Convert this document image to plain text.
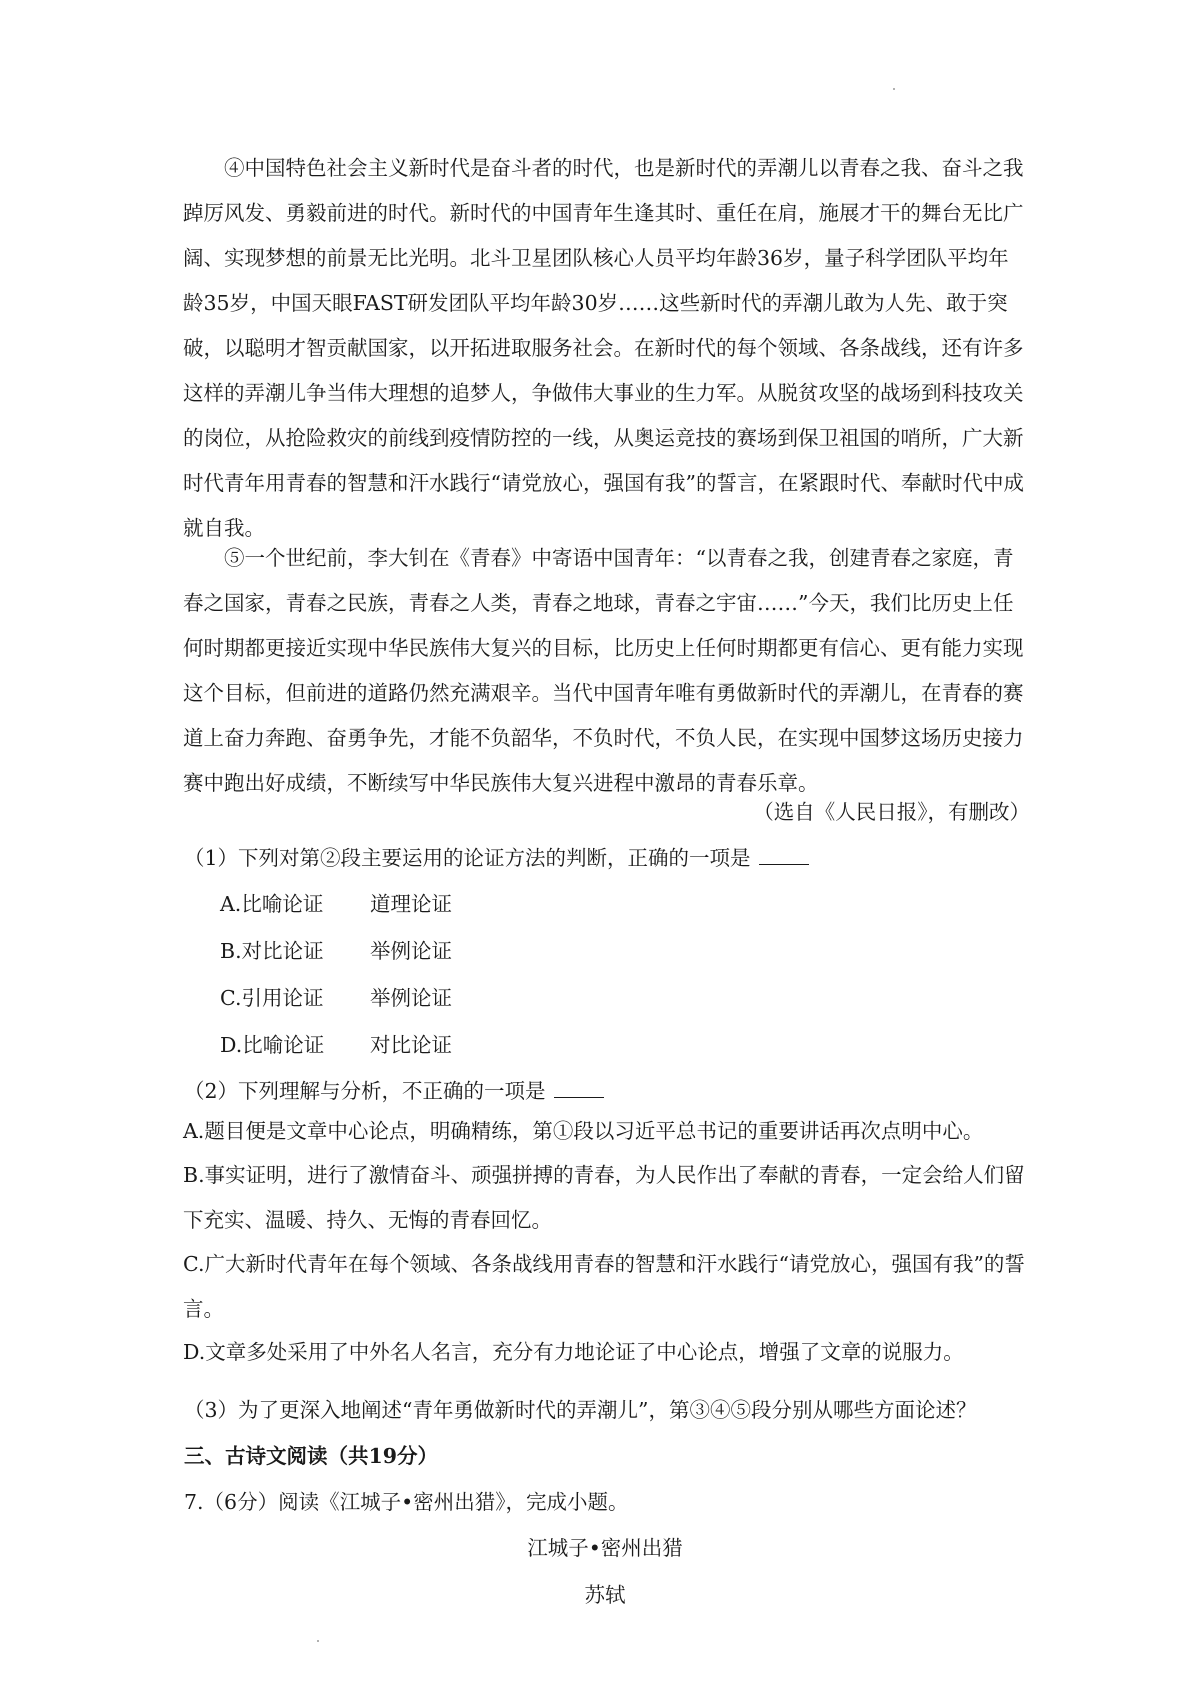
④中国特色社会主义新时代是奋斗者的时代，也是新时代的弄潮儿以青春之我、奋斗之我踔厉风发、勇毅前进的时代。新时代的中国青年生逢其时、重任在肩，施展才干的舞台无比广阔、实现梦想的前景无比光明。北斗卫星团队核心人员平均年龄36岁，量子科学团队平均年龄35岁，中国天眼FAST研发团队平均年龄30岁……这些新时代的弄潮儿敢为人先、敢于突破，以聪明才智贡献国家，以开拓进取服务社会。在新时代的每个领域、各条战线，还有许多这样的弄潮儿争当伟大理想的追梦人，争做伟大事业的生力军。从脱贫攻坚的战场到科技攻关的岗位，从抢险救灾的前线到疫情防控的一线，从奥运竞技的赛场到保卫祖国的哨所，广大新时代青年用青春的智慧和汗水践行“请党放心，强国有我”的誓言，在紧跟时代、奉献时代中成就自我。

⑤一个世纪前，李大钊在《青春》中寄语中国青年：“以青春之我，创建青春之家庭，青春之国家，青春之民族，青春之人类，青春之地球，青春之宇宙……”今天，我们比历史上任何时期都更接近实现中华民族伟大复兴的目标，比历史上任何时期都更有信心、更有能力实现这个目标，但前进的道路仍然充满艰辛。当代中国青年唯有勇做新时代的弄潮儿，在青春的赛道上奋力奔跑、奋勇争先，才能不负韶华，不负时代，不负人民，在实现中国梦这场历史接力赛中跑出好成绩，不断续写中华民族伟大复兴进程中激昂的青春乐章。

（选自《人民日报》，有删改）

（1）下列对第②段主要运用的论证方法的判断，正确的一项是

A.比喻论证 道理论证

B.对比论证 举例论证

C.引用论证 举例论证

D.比喻论证 对比论证

（2）下列理解与分析，不正确的一项是

A.题目便是文章中心论点，明确精练，第①段以习近平总书记的重要讲话再次点明中心。

B.事实证明，进行了激情奋斗、顽强拼搏的青春，为人民作出了奉献的青春，一定会给人们留下充实、温暖、持久、无悔的青春回忆。

C.广大新时代青年在每个领域、各条战线用青春的智慧和汗水践行“请党放心，强国有我”的誓言。

D.文章多处采用了中外名人名言，充分有力地论证了中心论点，增强了文章的说服力。

（3）为了更深入地阐述“青年勇做新时代的弄潮儿”，第③④⑤段分别从哪些方面论述？

三、古诗文阅读（共19分）

7.（6分）阅读《江城子•密州出猎》，完成小题。

江城子•密州出猎

苏轼
